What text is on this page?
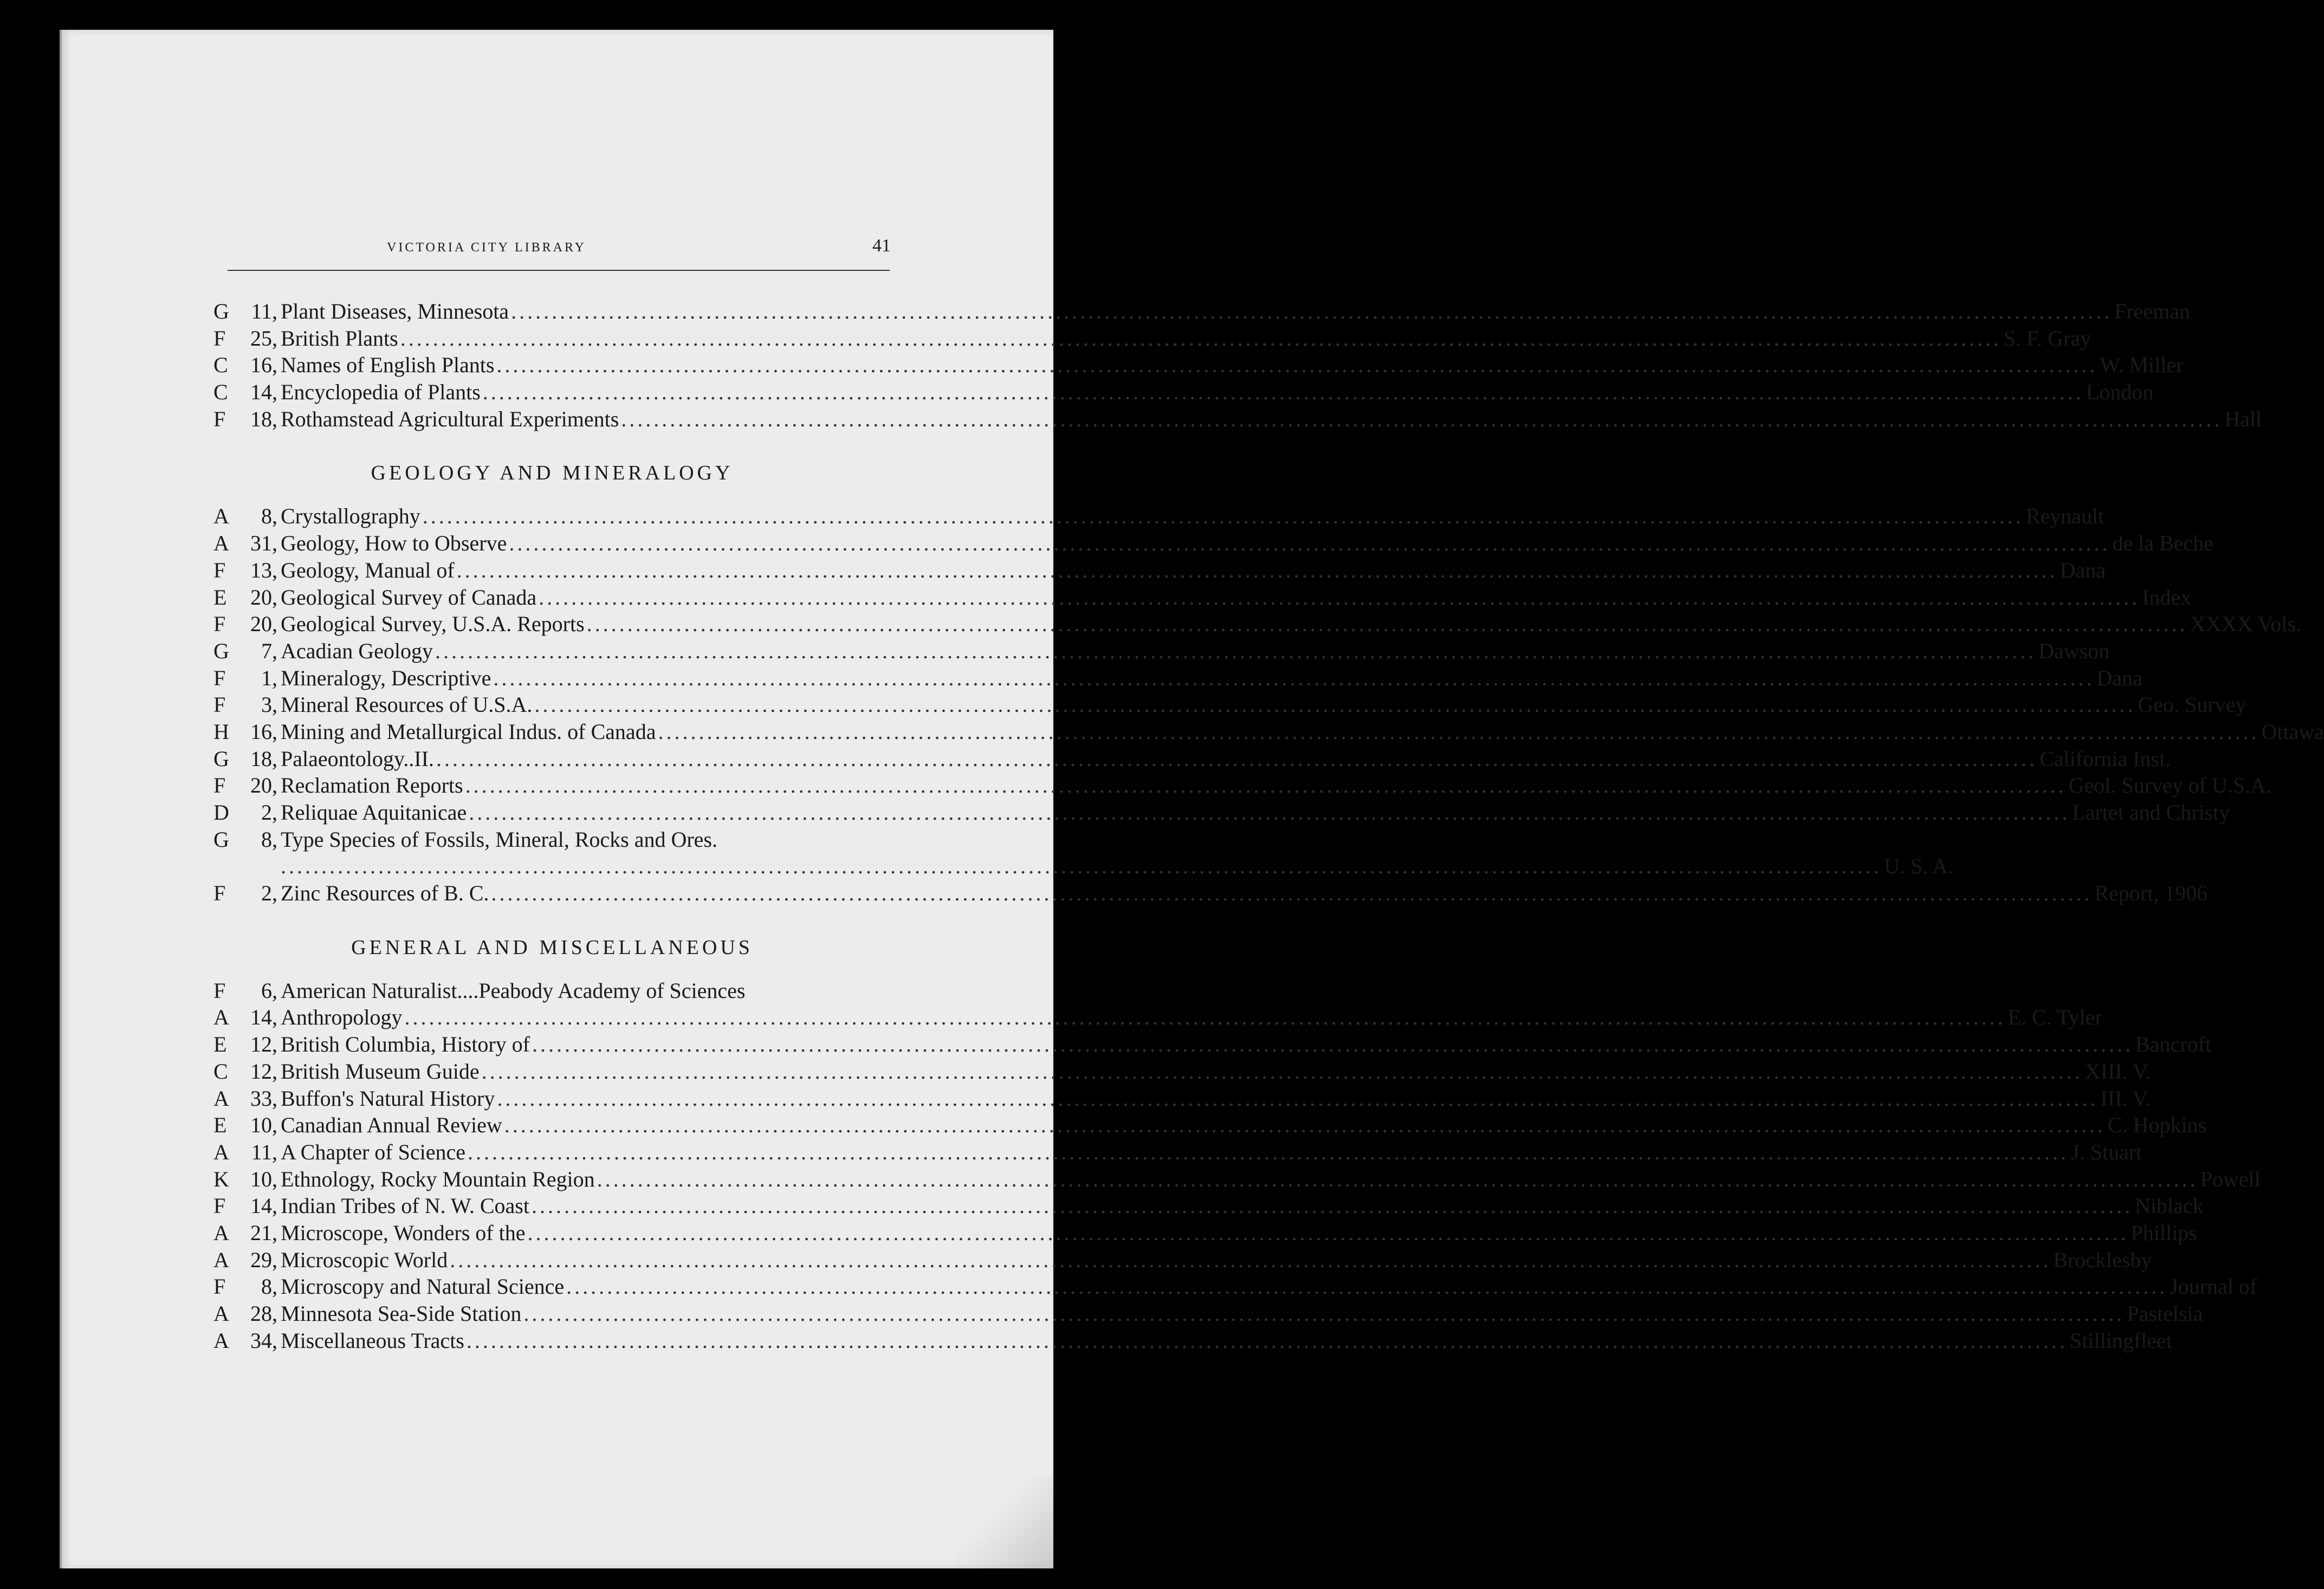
VICTORIA CITY LIBRARY	41
G	11, Plant Diseases, Minnesota .....	Freeman
F	25, British Plants .....	S. F. Gray
C	16, Names of English Plants .....	W. Miller
C	14, Encyclopedia of Plants .....	London
F	18, Rothamstead Agricultural Experiments .....	Hall
GEOLOGY AND MINERALOGY
A	8, Crystallography .....	Reynault
A 31, Geology, How to Observe .....	de la Beche
F	13, Geology, Manual of .....	Dana
E	20, Geological Survey of Canada .....	Index
F	20, Geological Survey, U.S.A. Reports .....	XXXX Vols.
G	7, Acadian Geology .....	Dawson
F	1, Mineralogy, Descriptive .....	Dana
F	3, Mineral Resources of U.S.A. .....	Geo. Survey
H 16, Mining and Metallurgical Indus. of Canada .....	Ottawa
G 18, Palaeontology..II. .....	California Inst.
F	20, Reclamation Reports .....	Geol. Survey of U.S.A.
D	2, Reliquae Aquitanicae .....	Lartet and Christy
G	8, Type Species of Fossils, Mineral, Rocks and Ores.
.....
U. S. A.
F	2, Zinc Resources of B. C. .....	Report, 1906
GENERAL AND MISCELLANEOUS
F	6, American Naturalist....Peabody Academy of Sciences
A 14, Anthropology .....	E. C. Tyler
E	12, British Columbia, History of .....	Bancroft
C	12, British Museum Guide .....	XIII. V.
A 33, Buffon's Natural History .....	III. V.
E	10, Canadian Annual Review .....	C. Hopkins
A	11, A Chapter of Science .....	J. Stuart
K 10, Ethnology, Rocky Mountain Region .....	Powell
F	14, Indian Tribes of N. W. Coast .....	Niblack
A 21, Microscope, Wonders of the .....	Phillips
A 29, Microscopic World .....	Brocklesby
F	8, Microscopy and Natural Science .....	Journal of
A 28, Minnesota Sea-Side Station .....	Pastelsia
A 34, Miscellaneous Tracts .....	Stillingfleet
